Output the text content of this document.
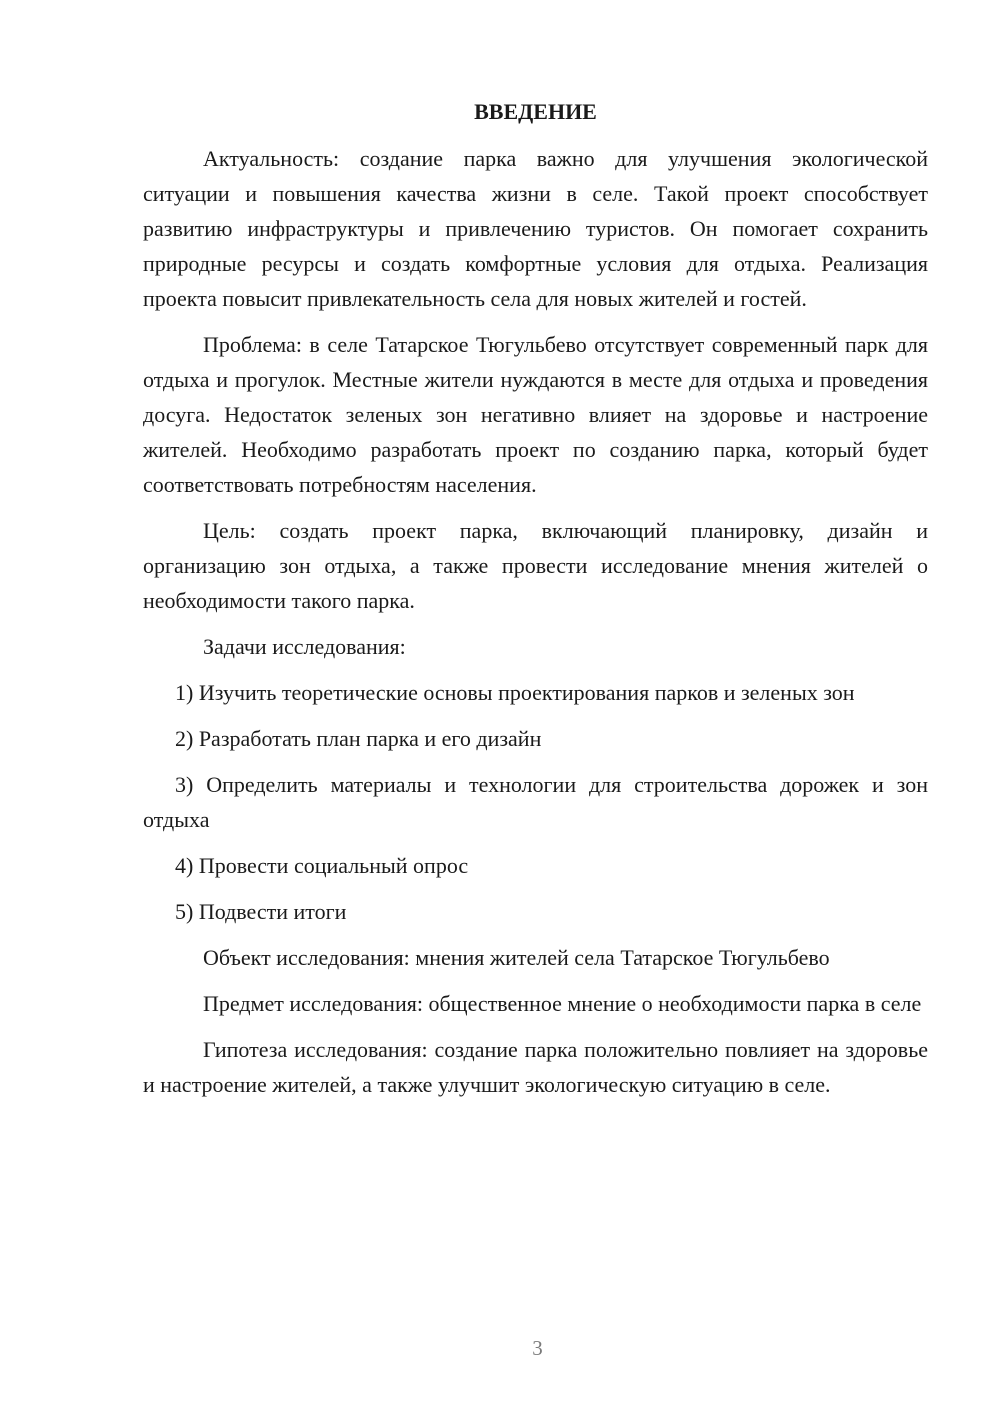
ВВЕДЕНИЕ

Актуальность: создание парка важно для улучшения экологической ситуации и повышения качества жизни в селе. Такой проект способствует развитию инфраструктуры и привлечению туристов. Он помогает сохранить природные ресурсы и создать комфортные условия для отдыха. Реализация проекта повысит привлекательность села для новых жителей и гостей.

Проблема: в селе Татарское Тюгульбево отсутствует современный парк для отдыха и прогулок. Местные жители нуждаются в месте для отдыха и проведения досуга. Недостаток зеленых зон негативно влияет на здоровье и настроение жителей. Необходимо разработать проект по созданию парка, который будет соответствовать потребностям населения.

Цель: создать проект парка, включающий планировку, дизайн и организацию зон отдыха, а также провести исследование мнения жителей о необходимости такого парка.

Задачи исследования:

1) Изучить теоретические основы проектирования парков и зеленых зон

2) Разработать план парка и его дизайн

3) Определить материалы и технологии для строительства дорожек и зон отдыха

4) Провести социальный опрос

5) Подвести итоги

Объект исследования: мнения жителей села Татарское Тюгульбево

Предмет исследования: общественное мнение о необходимости парка в селе

Гипотеза исследования: создание парка положительно повлияет на здоровье и настроение жителей, а также улучшит экологическую ситуацию в селе.

3
